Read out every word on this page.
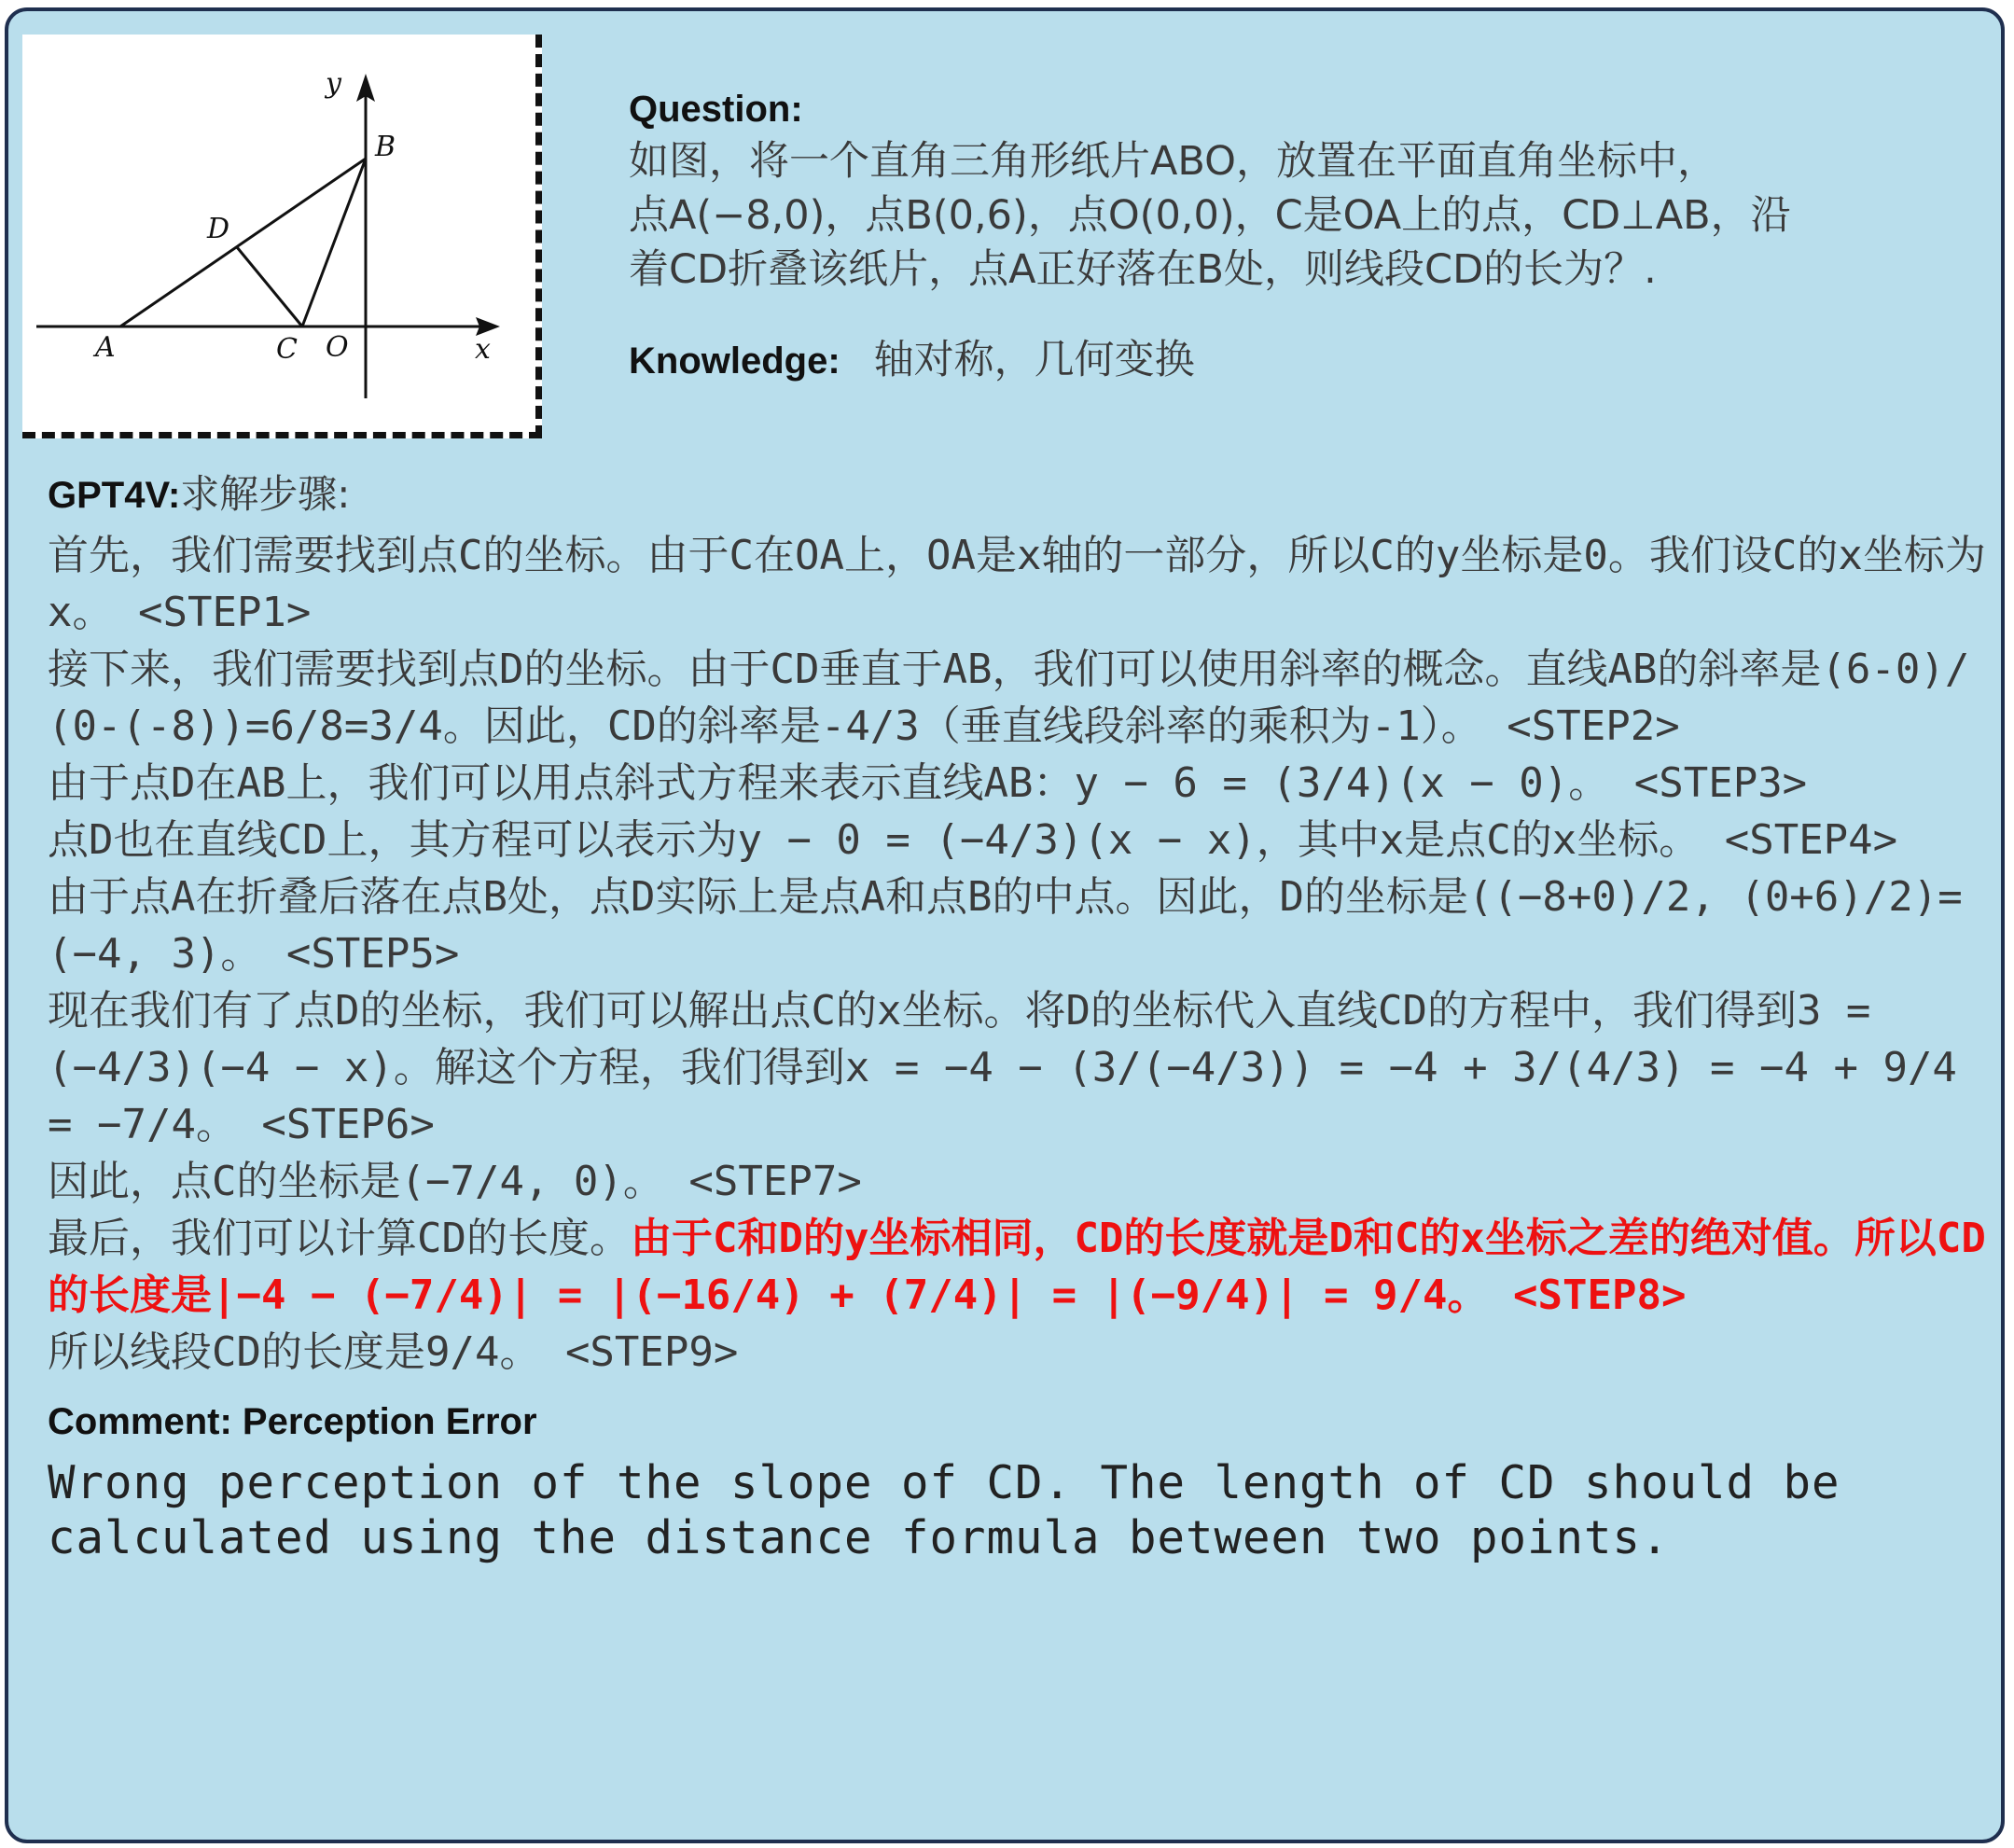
y
B
D
A	C O	x
Question:
如图，将一个直角三角形纸片ABO，放置在平面直角坐标中，
点A(−8,0)，点B(0,6)，点O(0,0)，C是OA上的点，CD⊥AB，沿
着CD折叠该纸片，点A正好落在B处，则线段CD的长为？.
Knowledge: 轴对称，几何变换
GPT4V:求解步骤:
首先，我们需要找到点C的坐标。由于C在OA上，OA是x轴的一部分，所以C的y坐标是0。我们设C的x坐标为x。 <STEP1>
接下来，我们需要找到点D的坐标。由于CD垂直于AB，我们可以使用斜率的概念。直线AB的斜率是(6-0)/(0-(-8))=6/8=3/4。因此，CD的斜率是-4/3（垂直线段斜率的乘积为-1）。 <STEP2>
由于点D在AB上，我们可以用点斜式方程来表示直线AB：y − 6 = (3/4)(x − 0)。 <STEP3>
点D也在直线CD上，其方程可以表示为y − 0 = (−4/3)(x − x)，其中x是点C的x坐标。 <STEP4>
由于点A在折叠后落在点B处，点D实际上是点A和点B的中点。因此，D的坐标是((−8+0)/2, (0+6)/2)=(−4, 3)。 <STEP5>
现在我们有了点D的坐标，我们可以解出点C的x坐标。将D的坐标代入直线CD的方程中，我们得到3 = (−4/3)(−4 − x)。解这个方程，我们得到x = −4 − (3/(−4/3)) = −4 + 3/(4/3) = −4 + 9/4 = −7/4。 <STEP6>
因此，点C的坐标是(−7/4, 0)。 <STEP7>
最后，我们可以计算CD的长度。由于C和D的y坐标相同，CD的长度就是D和C的x坐标之差的绝对值。所以CD的长度是|−4 − (−7/4)| = |(−16/4) + (7/4)| = |(−9/4)| = 9/4。 <STEP8>
所以线段CD的长度是9/4。 <STEP9>
Comment: Perception Error
Wrong perception of the slope of CD. The length of CD should be calculated using the distance formula between two points.
